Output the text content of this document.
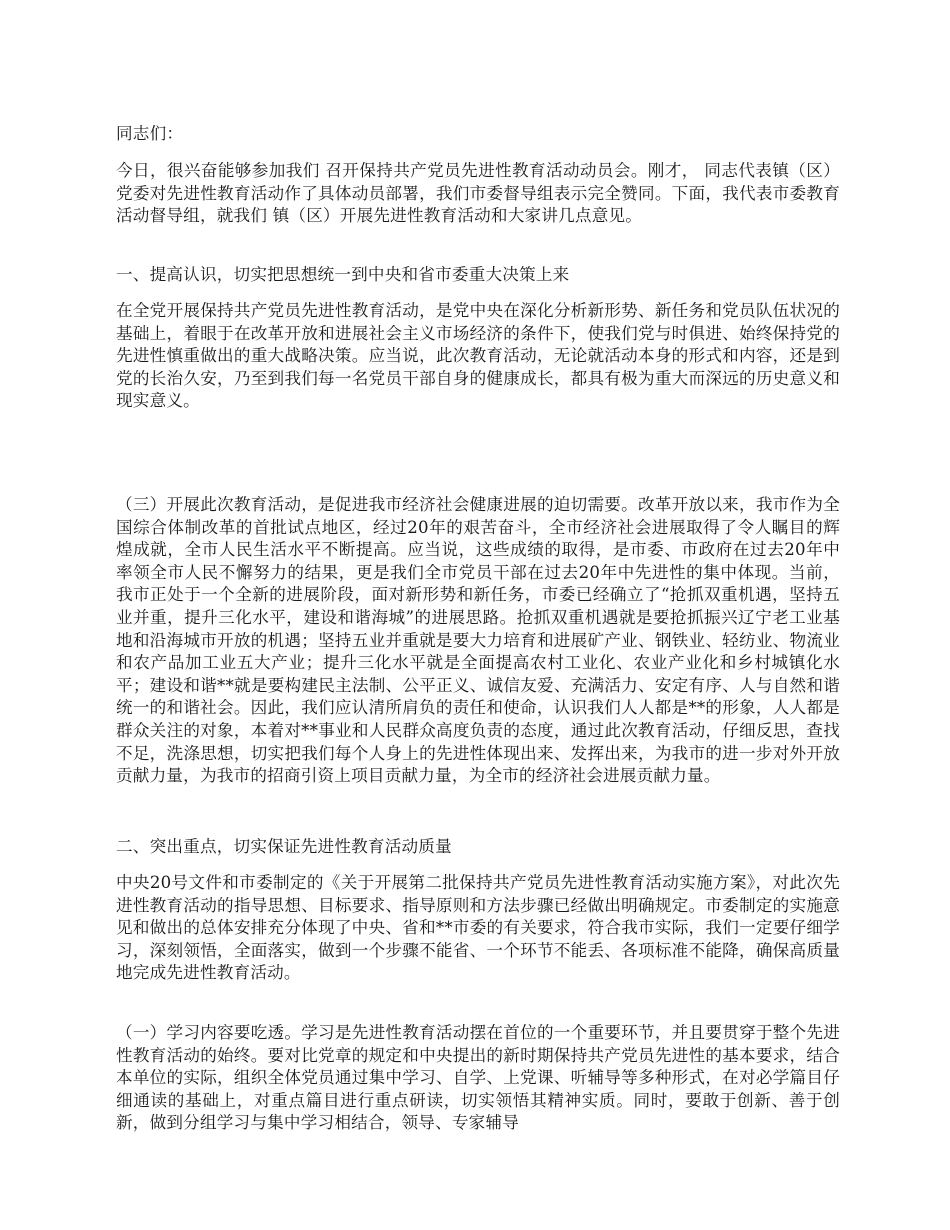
同志们：

今日，很兴奋能够参加我们 召开保持共产党员先进性教育活动动员会。刚才， 同志代表镇（区）党委对先进性教育活动作了具体动员部署，我们市委督导组表示完全赞同。下面，我代表市委教育活动督导组，就我们 镇（区）开展先进性教育活动和大家讲几点意见。

一、提高认识，切实把思想统一到中央和省市委重大决策上来

在全党开展保持共产党员先进性教育活动，是党中央在深化分析新形势、新任务和党员队伍状况的基础上，着眼于在改革开放和进展社会主义市场经济的条件下，使我们党与时俱进、始终保持党的先进性慎重做出的重大战略决策。应当说，此次教育活动，无论就活动本身的形式和内容，还是到党的长治久安，乃至到我们每一名党员干部自身的健康成长，都具有极为重大而深远的历史意义和现实意义。

（三）开展此次教育活动，是促进我市经济社会健康进展的迫切需要。改革开放以来，我市作为全国综合体制改革的首批试点地区，经过20年的艰苦奋斗，全市经济社会进展取得了令人瞩目的辉煌成就，全市人民生活水平不断提高。应当说，这些成绩的取得，是市委、市政府在过去20年中率领全市人民不懈努力的结果，更是我们全市党员干部在过去20年中先进性的集中体现。当前，我市正处于一个全新的进展阶段，面对新形势和新任务，市委已经确立了“抢抓双重机遇，坚持五业并重，提升三化水平，建设和谐海城”的进展思路。抢抓双重机遇就是要抢抓振兴辽宁老工业基地和沿海城市开放的机遇；坚持五业并重就是要大力培育和进展矿产业、钢铁业、轻纺业、物流业和农产品加工业五大产业；提升三化水平就是全面提高农村工业化、农业产业化和乡村城镇化水平；建设和谐**就是要构建民主法制、公平正义、诚信友爱、充满活力、安定有序、人与自然和谐统一的和谐社会。因此，我们应认清所肩负的责任和使命，认识我们人人都是**的形象，人人都是群众关注的对象，本着对**事业和人民群众高度负责的态度，通过此次教育活动，仔细反思，查找不足，洗涤思想，切实把我们每个人身上的先进性体现出来、发挥出来，为我市的进一步对外开放贡献力量，为我市的招商引资上项目贡献力量，为全市的经济社会进展贡献力量。

二、突出重点，切实保证先进性教育活动质量

中央20号文件和市委制定的《关于开展第二批保持共产党员先进性教育活动实施方案》，对此次先进性教育活动的指导思想、目标要求、指导原则和方法步骤已经做出明确规定。市委制定的实施意见和做出的总体安排充分体现了中央、省和**市委的有关要求，符合我市实际，我们一定要仔细学习，深刻领悟，全面落实，做到一个步骤不能省、一个环节不能丢、各项标准不能降，确保高质量地完成先进性教育活动。

（一）学习内容要吃透。学习是先进性教育活动摆在首位的一个重要环节，并且要贯穿于整个先进性教育活动的始终。要对比党章的规定和中央提出的新时期保持共产党员先进性的基本要求，结合本单位的实际，组织全体党员通过集中学习、自学、上党课、听辅导等多种形式，在对必学篇目仔细通读的基础上，对重点篇目进行重点研读，切实领悟其精神实质。同时，要敢于创新、善于创新，做到分组学习与集中学习相结合，领导、专家辅导
